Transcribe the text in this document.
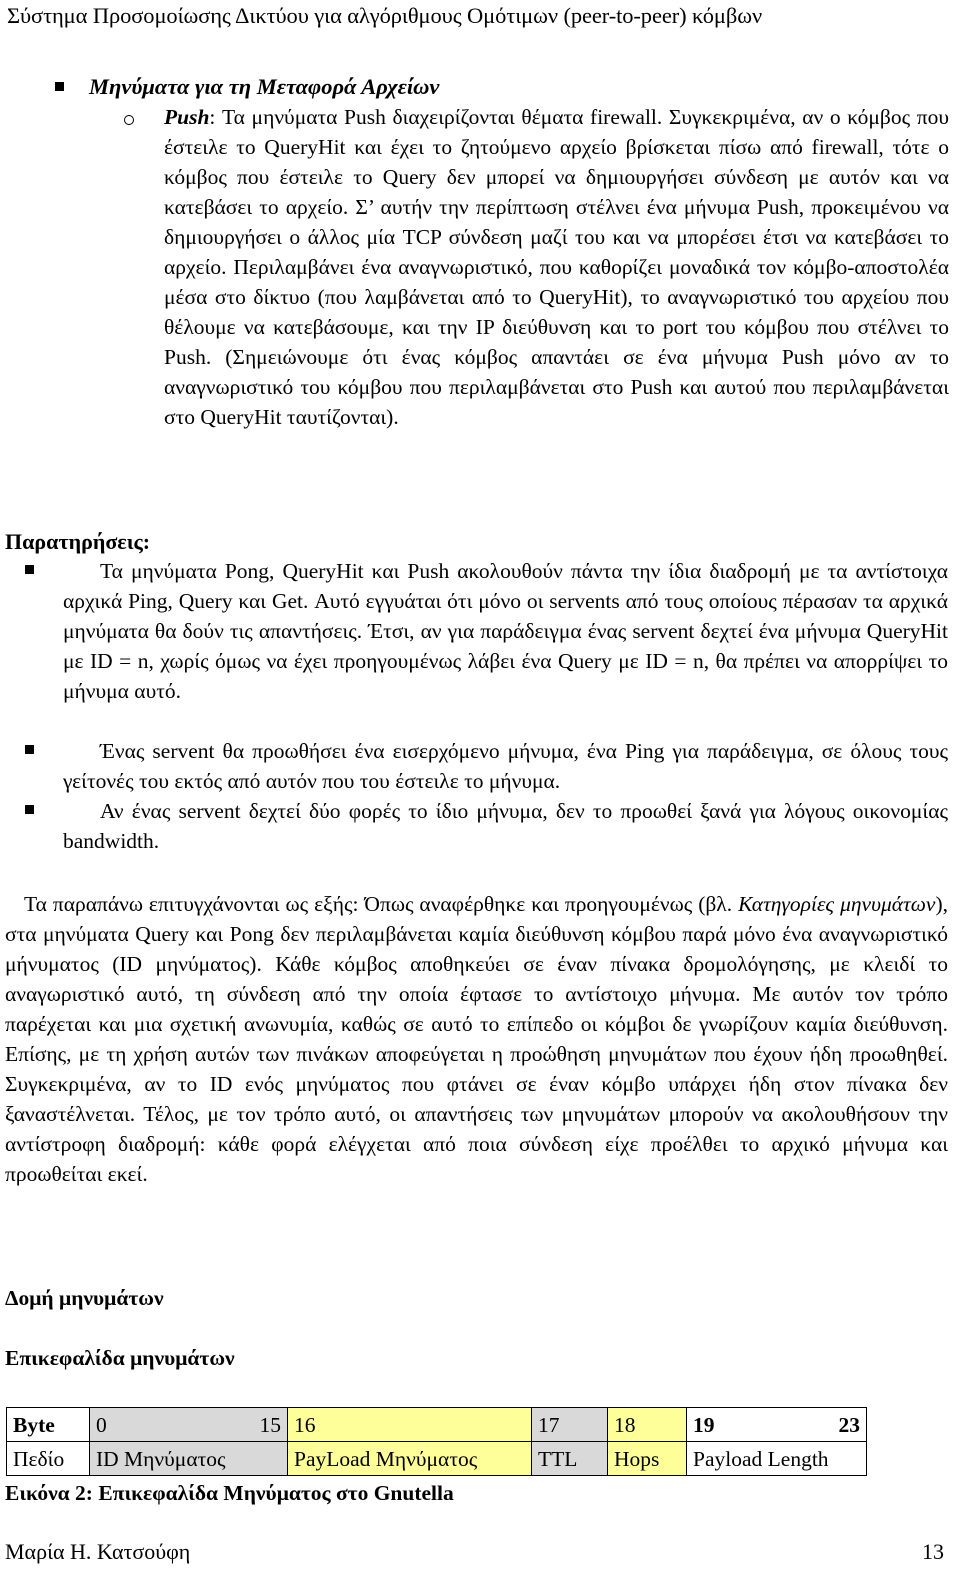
Σύστημα Προσομοίωσης Δικτύου για αλγόριθμους Ομότιμων (peer-to-peer) κόμβων
Μηνύματα για τη Μεταφορά Αρχείων
Push: Τα μηνύματα Push διαχειρίζονται θέματα firewall. Συγκεκριμένα, αν ο κόμβος που έστειλε το QueryHit και έχει το ζητούμενο αρχείο βρίσκεται πίσω από firewall, τότε ο κόμβος που έστειλε το Query δεν μπορεί να δημιουργήσει σύνδεση με αυτόν και να κατεβάσει το αρχείο. Σ’ αυτήν την περίπτωση στέλνει ένα μήνυμα Push, προκειμένου να δημιουργήσει ο άλλος μία TCP σύνδεση μαζί του και να μπορέσει έτσι να κατεβάσει το αρχείο. Περιλαμβάνει ένα αναγνωριστικό, που καθορίζει μοναδικά τον κόμβο-αποστολέα μέσα στο δίκτυο (που λαμβάνεται από το QueryHit), το αναγνωριστικό του αρχείου που θέλουμε να κατεβάσουμε, και την IP διεύθυνση και το port του κόμβου που στέλνει το Push. (Σημειώνουμε ότι ένας κόμβος απαντάει σε ένα μήνυμα Push μόνο αν το αναγνωριστικό του κόμβου που περιλαμβάνεται στο Push και αυτού που περιλαμβάνεται στο QueryHit ταυτίζονται).
Παρατηρήσεις:
Τα μηνύματα Pong, QueryHit και Push ακολουθούν πάντα την ίδια διαδρομή με τα αντίστοιχα αρχικά Ping, Query και Get. Αυτό εγγυάται ότι μόνο οι servents από τους οποίους πέρασαν τα αρχικά μηνύματα θα δούν τις απαντήσεις. Έτσι, αν για παράδειγμα ένας servent δεχτεί ένα μήνυμα QueryHit με ID = n, χωρίς όμως να έχει προηγουμένως λάβει ένα Query με ID = n, θα πρέπει να απορρίψει το μήνυμα αυτό.
Ένας servent θα προωθήσει ένα εισερχόμενο μήνυμα, ένα Ping για παράδειγμα, σε όλους τους γείτονές του εκτός από αυτόν που του έστειλε το μήνυμα.
Αν ένας servent δεχτεί δύο φορές το ίδιο μήνυμα, δεν το προωθεί ξανά για λόγους οικονομίας bandwidth.
Τα παραπάνω επιτυγχάνονται ως εξής: Όπως αναφέρθηκε και προηγουμένως (βλ. Κατηγορίες μηνυμάτων), στα μηνύματα Query και Pong δεν περιλαμβάνεται καμία διεύθυνση κόμβου παρά μόνο ένα αναγνωριστικό μήνυματος (ID μηνύματος). Κάθε κόμβος αποθηκεύει σε έναν πίνακα δρομολόγησης, με κλειδί το αναγωριστικό αυτό, τη σύνδεση από την οποία έφτασε το αντίστοιχο μήνυμα. Με αυτόν τον τρόπο παρέχεται και μια σχετική ανωνυμία, καθώς σε αυτό το επίπεδο οι κόμβοι δε γνωρίζουν καμία διεύθυνση. Επίσης, με τη χρήση αυτών των πινάκων αποφεύγεται η προώθηση μηνυμάτων που έχουν ήδη προωθηθεί. Συγκεκριμένα, αν το ID ενός μηνύματος που φτάνει σε έναν κόμβο υπάρχει ήδη στον πίνακα δεν ξαναστέλνεται. Τέλος, με τον τρόπο αυτό, οι απαντήσεις των μηνυμάτων μπορούν να ακολουθήσουν την αντίστροφη διαδρομή: κάθε φορά ελέγχεται από ποια σύνδεση είχε προέλθει το αρχικό μήνυμα και προωθείται εκεί.
Δομή μηνυμάτων
Επικεφαλίδα μηνυμάτων
Byte	0 15	16	17	18	19 23

Πεδίο	ID Μηνύματος	PayLoad Μηνύματος	TTL	Hops	Payload Length
Εικόνα 2: Επικεφαλίδα Μηνύματος στο Gnutella
Μαρία Η. Κατσούφη	13
